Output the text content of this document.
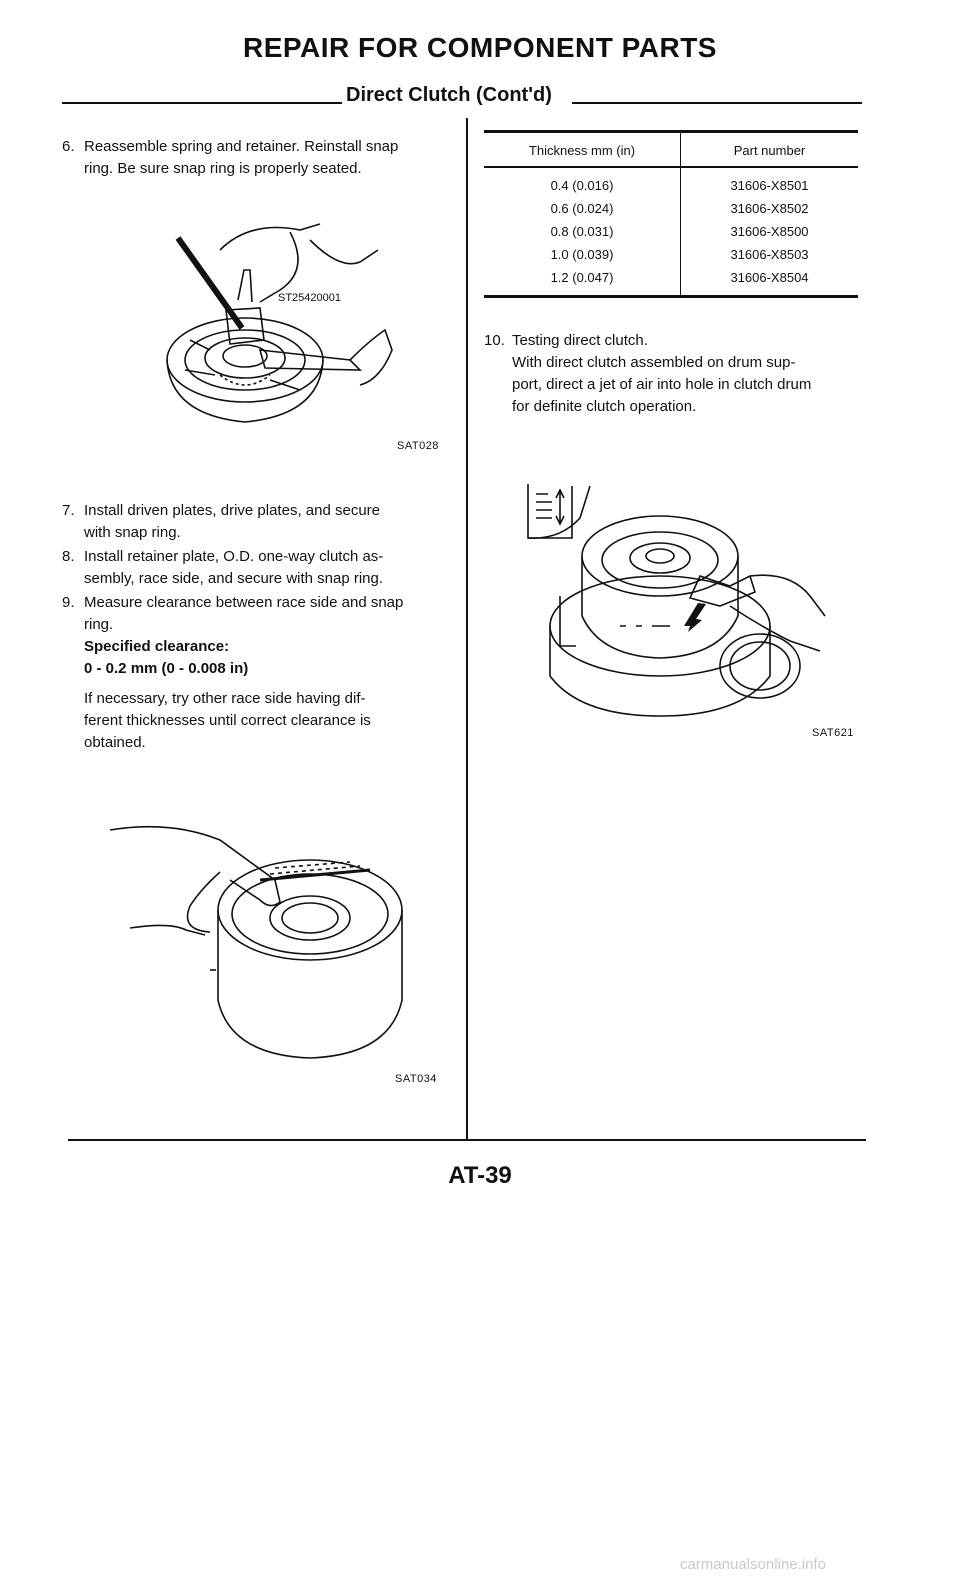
REPAIR FOR COMPONENT PARTS
Direct Clutch (Cont'd)
6. Reassemble spring and retainer. Reinstall snap

ring. Be sure snap ring is properly seated.

ST25420001
SAT028
7. Install driven plates, drive plates, and secure

with snap ring.

8. Install retainer plate, O.D. one-way clutch as-

sembly, race side, and secure with snap ring.

9. Measure clearance between race side and snap

ring.

Specified clearance:

0 - 0.2 mm (0 - 0.008 in)

If necessary, try other race side having dif-

ferent thicknesses until correct clearance is

obtained.

SAT034
Thickness mm (in)	Part number
0.4 (0.016)	31606-X8501
0.6 (0.024)	31606-X8502
0.8 (0.031)	31606-X8500
1.0 (0.039)	31606-X8503
1.2 (0.047)	31606-X8504
10. Testing direct clutch.

With direct clutch assembled on drum sup-

port, direct a jet of air into hole in clutch drum

for definite clutch operation.

SAT621
AT-39
carmanualsonline.info
